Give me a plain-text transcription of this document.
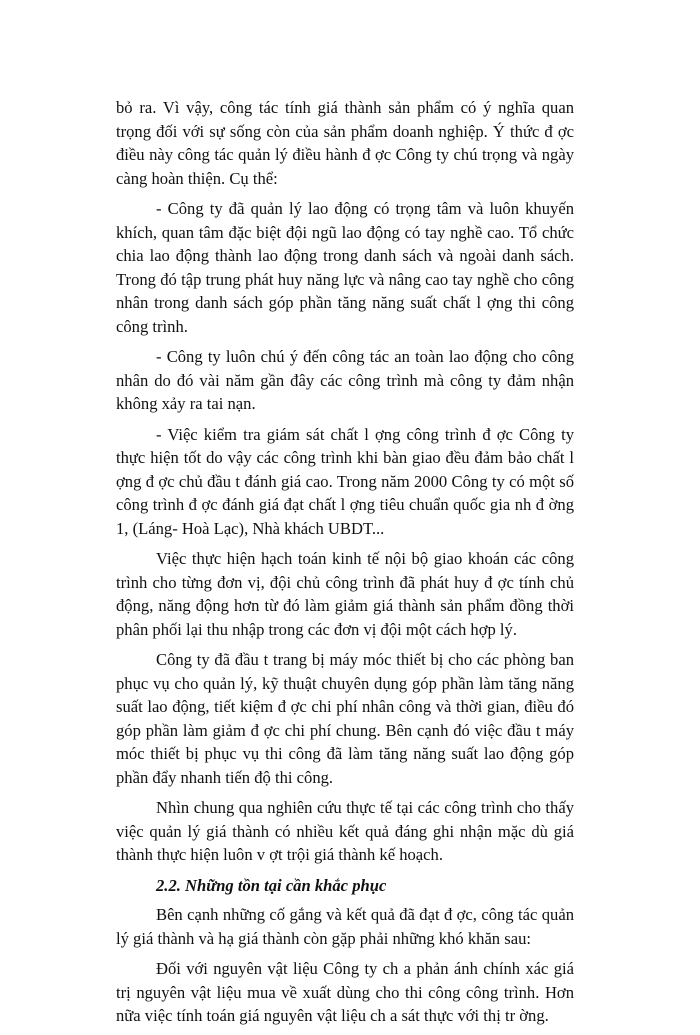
bỏ ra. Vì vậy, công tác tính giá thành sản phẩm có ý nghĩa quan trọng đối với sự sống còn của sản phẩm doanh nghiệp. Ý thức đ ợc điều này công tác quản lý điều hành đ ợc Công ty chú trọng và ngày càng hoàn thiện. Cụ thể:

- Công ty đã quản lý lao động có trọng tâm và luôn khuyến khích, quan tâm đặc biệt đội ngũ lao động có tay nghề cao. Tổ chức chia lao động thành lao động trong danh sách và ngoài danh sách. Trong đó tập trung phát huy năng lực và nâng cao tay nghề cho công nhân trong danh sách góp phần tăng năng suất chất l ợng thi công công trình.

- Công ty luôn chú ý đến công tác an toàn lao động cho công nhân do đó vài năm gần đây các công trình mà công ty đảm nhận không xảy ra tai nạn.

- Việc kiểm tra giám sát chất l ợng công trình đ ợc Công ty thực hiện tốt do vậy các công trình khi bàn giao đều đảm bảo chất l ợng đ ợc chủ đầu t đánh giá cao. Trong năm 2000 Công ty có một số công trình đ ợc đánh giá đạt chất l ợng tiêu chuẩn quốc gia nh đ ờng 1, (Láng- Hoà Lạc), Nhà khách UBDT...

Việc thực hiện hạch toán kinh tế nội bộ giao khoán các công trình cho từng đơn vị, đội chủ công trình đã phát huy đ ợc tính chủ động, năng động hơn từ đó làm giảm giá thành sản phẩm đồng thời phân phối lại thu nhập trong các đơn vị đội một cách hợp lý.

Công ty đã đầu t trang bị máy móc thiết bị cho các phòng ban phục vụ cho quản lý, kỹ thuật chuyên dụng góp phần làm tăng năng suất lao động, tiết kiệm đ ợc chi phí nhân công và thời gian, điều đó góp phần làm giảm đ ợc chi phí chung. Bên cạnh đó việc đầu t máy móc thiết bị phục vụ thi công đã làm tăng năng suất lao động góp phần đẩy nhanh tiến độ thi công.

Nhìn chung qua nghiên cứu thực tế tại các công trình cho thấy việc quản lý giá thành có nhiều kết quả đáng ghi nhận mặc dù giá thành thực hiện luôn v ợt trội giá thành kế hoạch.

2.2. Những tồn tại cần khắc phục

Bên cạnh những cố gắng và kết quả đã đạt đ ợc, công tác quản lý giá thành và hạ giá thành còn gặp phải những khó khăn sau:

Đối với nguyên vật liệu Công ty ch a phản ánh chính xác giá trị nguyên vật liệu mua về xuất dùng cho thi công công trình. Hơn nữa việc tính toán giá nguyên vật liệu ch a sát thực với thị tr ờng.
